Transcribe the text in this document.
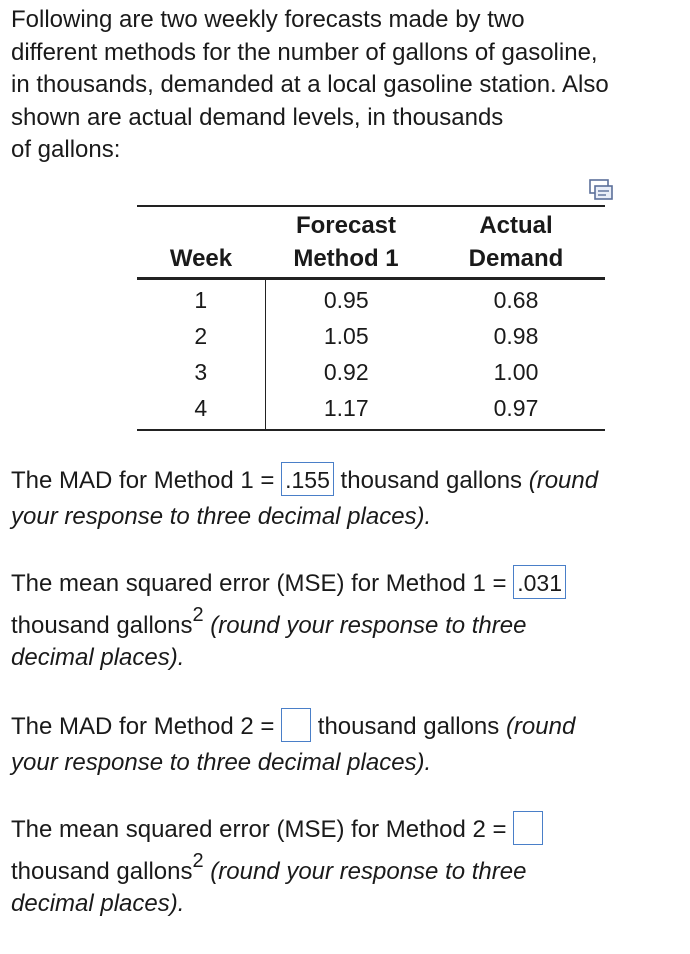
Following are two weekly forecasts made by two
different methods for the number of gallons of gasoline,
in thousands, demanded at a local gasoline station. Also
shown are actual demand levels, in thousands
of gallons:
	Forecast	Actual
Week	Method 1	Demand
1	0.95	0.68
2	1.05	0.98
3	0.92	1.00
4	1.17	0.97
The MAD for Method 1 = .155 thousand gallons (round
your response to three decimal places).
The mean squared error (MSE) for Method 1 = .031
thousand gallons$^2$ (round your response to three
decimal places).
The MAD for Method 2 =  thousand gallons (round
your response to three decimal places).
The mean squared error (MSE) for Method 2 =
thousand gallons$^2$ (round your response to three
decimal places).
